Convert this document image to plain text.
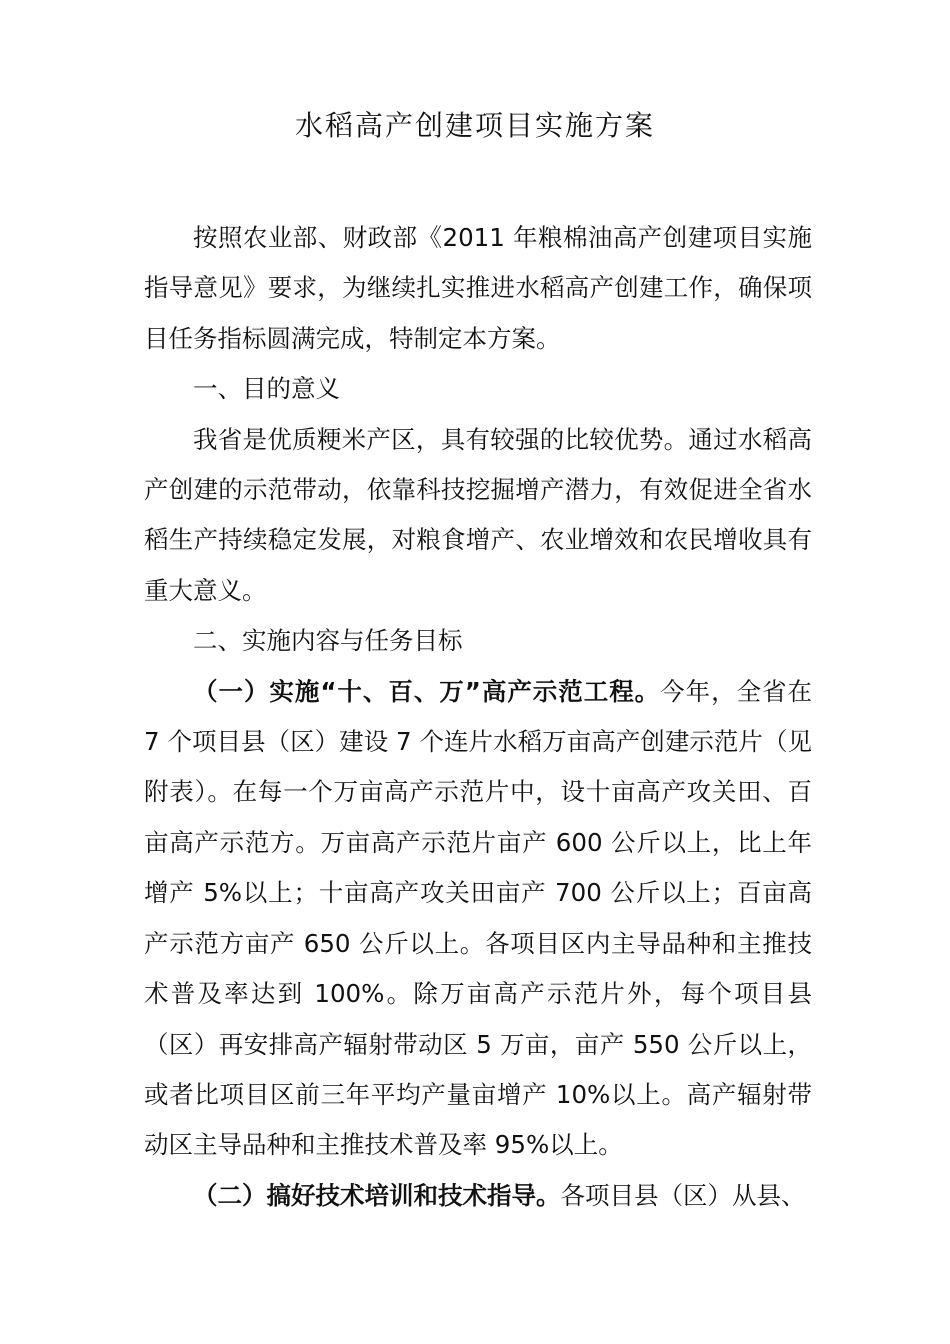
水稻高产创建项目实施方案

按照农业部、财政部《2011 年粮棉油高产创建项目实施指导意见》要求，为继续扎实推进水稻高产创建工作，确保项目任务指标圆满完成，特制定本方案。

一、目的意义

我省是优质粳米产区，具有较强的比较优势。通过水稻高产创建的示范带动，依靠科技挖掘增产潜力，有效促进全省水稻生产持续稳定发展，对粮食增产、农业增效和农民增收具有重大意义。

二、实施内容与任务目标

（一）实施“十、百、万”高产示范工程。今年，全省在 7 个项目县（区）建设 7 个连片水稻万亩高产创建示范片（见附表）。在每一个万亩高产示范片中，设十亩高产攻关田、百亩高产示范方。万亩高产示范片亩产 600 公斤以上，比上年增产 5%以上；十亩高产攻关田亩产 700 公斤以上；百亩高产示范方亩产 650 公斤以上。各项目区内主导品种和主推技术普及率达到 100%。除万亩高产示范片外，每个项目县（区）再安排高产辐射带动区 5 万亩，亩产 550 公斤以上，或者比项目区前三年平均产量亩增产 10%以上。高产辐射带动区主导品种和主推技术普及率 95%以上。

（二）搞好技术培训和技术指导。各项目县（区）从县、
